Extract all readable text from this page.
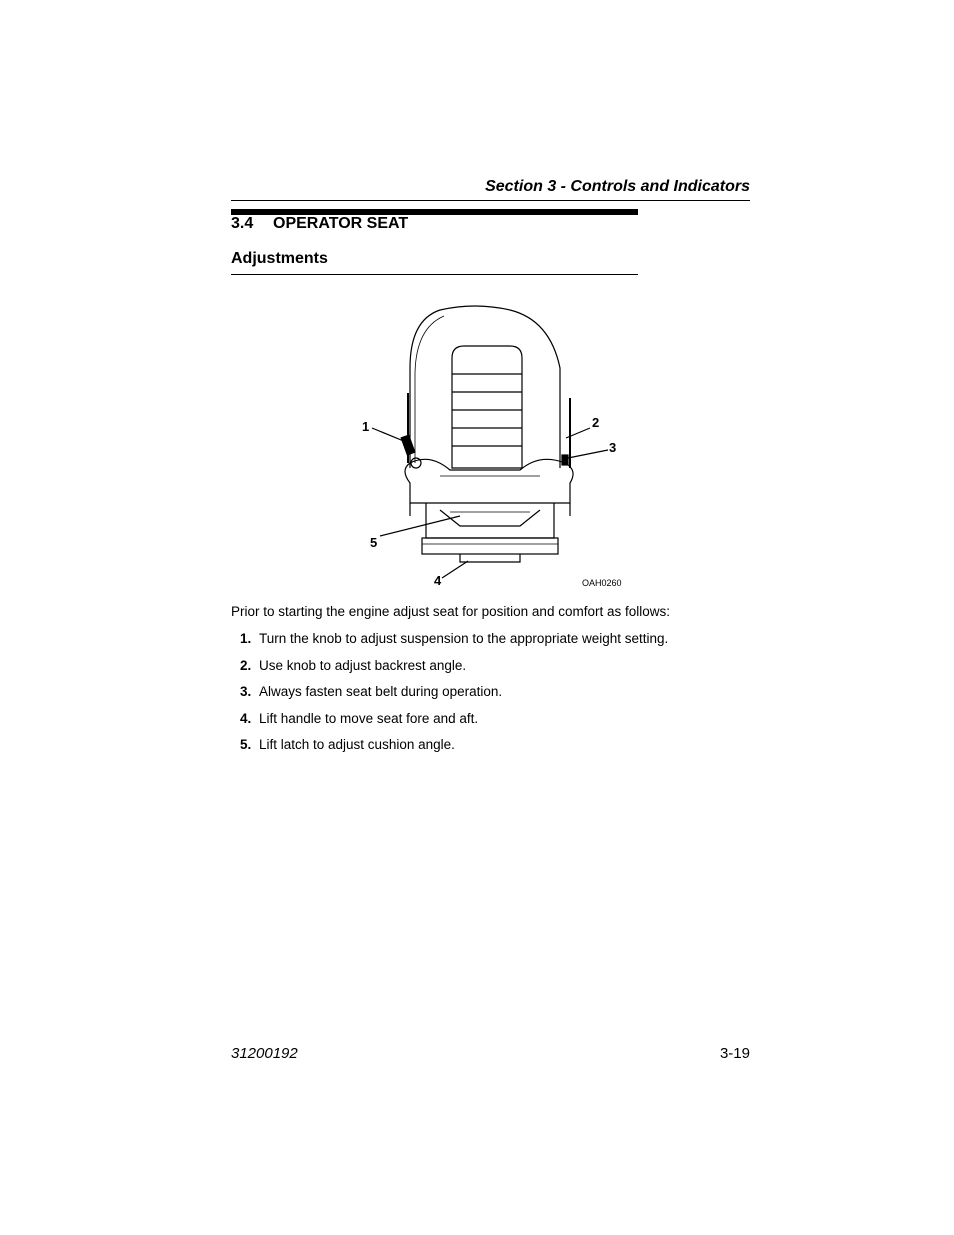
Section 3 - Controls and Indicators
3.4 OPERATOR SEAT
Adjustments
1	2
3
4
5
OAH0260
Prior to starting the engine adjust seat for position and comfort as follows:
1. Turn the knob to adjust suspension to the appropriate weight setting.
2. Use knob to adjust backrest angle.
3. Always fasten seat belt during operation.
4. Lift handle to move seat fore and aft.
5. Lift latch to adjust cushion angle.
31200192	3-19
